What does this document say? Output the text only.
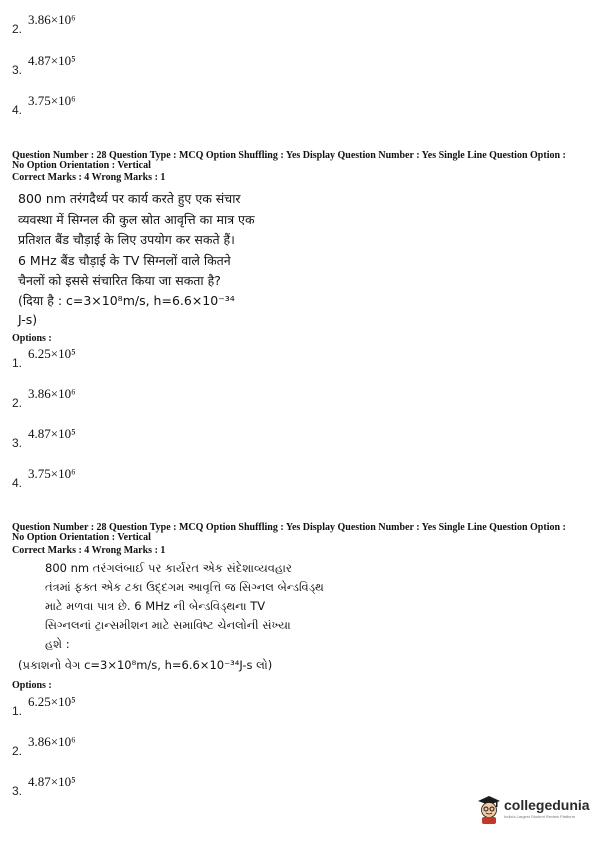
2.
3.86×10⁶
3.
4.87×10⁵
4.
3.75×10⁶
Question Number : 28 Question Type : MCQ Option Shuffling : Yes Display Question Number : Yes Single Line Question Option :
No Option Orientation : Vertical
Correct Marks : 4 Wrong Marks : 1
800 nm तरंगदैर्ध्य पर कार्य करते हुए एक संचार
व्यवस्था में सिग्नल की कुल स्रोत आवृत्ति का मात्र एक
प्रतिशत बैंड चौड़ाई के लिए उपयोग कर सकते हैं।
6 MHz बैंड चौड़ाई के TV सिग्नलों वाले कितने
चैनलों को इससे संचारित किया जा सकता है?
(दिया है : c=3×10⁸m/s, h=6.6×10⁻³⁴
J-s)
Options :
1.
6.25×10⁵
2.
3.86×10⁶
3.
4.87×10⁵
4.
3.75×10⁶
Question Number : 28 Question Type : MCQ Option Shuffling : Yes Display Question Number : Yes Single Line Question Option :
No Option Orientation : Vertical
Correct Marks : 4 Wrong Marks : 1
800 nm તરંગલંબાઈ પર કાર્યરત એક સંદેશાવ્યવહાર
તંત્રમાં ફક્ત એક ટકા ઉદ્દગમ આવૃત્તિ જ સિગ્નલ બેન્ડવિડ્થ
માટે મળવા પાત્ર છે. 6 MHz ની બેન્ડવિડ્થના TV
સિગ્નલનાં ટ્રાન્સમીશન માટે સમાવિષ્ટ ચેનલોની સંખ્યા
હશે :
(પ્રકાશનો વેગ c=3×10⁸m/s, h=6.6×10⁻³⁴J-s લો)
Options :
1.
6.25×10⁵
2.
3.86×10⁶
3.
4.87×10⁵
collegedunia
India's Largest Student Review Platform
